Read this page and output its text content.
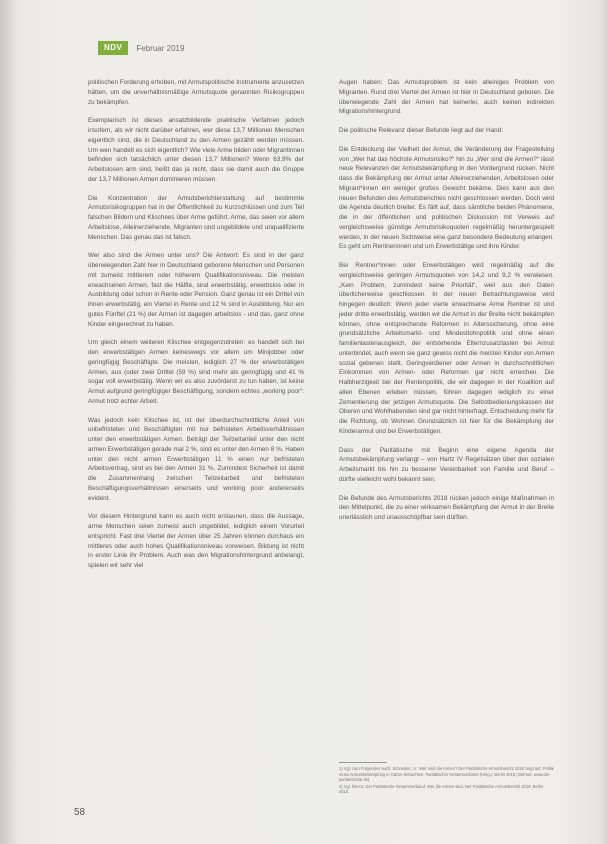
NDV	Februar 2019

politischen Forderung erhoben, mit Armutspolitische Instrumente anzusetzen hätten, um die unverhältnismäßige Armutsquote genannten Risikogruppen zu bekämpfen.

Exemplarisch ist dieses ansatzbildende praktische Verfahren jedoch insofern, als wir nicht darüber erfahren, wer diese 13,7 Millionen Menschen eigentlich sind, die in Deutschland zu den Armen gezählt werden müssen. Um wen handelt es sich eigentlich? Wie viele Arme bilden oder Migrantinnen befinden sich tatsächlich unter diesen 13,7 Millionen? Wenn 63,9% der Arbeitslosen arm sind, heißt das ja nicht, dass sie damit auch die Gruppe der 13,7 Millionen Armen dominieren müssen.

Die Konzentration der Armutsberichterstattung auf bestimmte Armutsrisikogruppen hat in der Öffentlichkeit zu Kurzschlüssen und zum Teil falschen Bildern und Klischees über Arme geführt. Arme, das seien vor allem Arbeitslose, Alleinerziehende, Migranten und ungebildete und unqualifizierte Menschen. Das genau das ist falsch.

Wer also sind die Armen unter uns? Die Antwort: Es sind in der ganz überwiegenden Zahl hier in Deutschland geborene Menschen und Personen mit zumeist mittlerem oder höherem Qualifikationsniveau. Die meisten erwachsenen Armen, fast die Hälfte, sind erwerbstätig, erwerbslos oder in Ausbildung oder schon in Rente oder Pension. Ganz genau ist ein Drittel von ihnen erwerbstätig, ein Viertel in Rente und 12 % sind in Ausbildung. Nur ein gutes Fünftel (21 %) der Armen ist dagegen arbeitslos - und das, ganz ohne Kinder eingerechnet zu haben.

Um gleich einem weiteren Klischee entgegenzutreten: es handelt sich bei den erwerbstätigen Armen keineswegs vor allem um Minijobber oder geringfügig Beschäftigte. Die meisten, lediglich 27 % der erwerbstätigen Armen, aus (oder zwei Drittel (59 %) sind mehr als geringfügig und 41 % sogar voll erwerbstätig. Wenn wir es also zuvörderst zu tun haben, ist keine Armut aufgrund geringfügiger Beschäftigung, sondern echtes „working poor“: Armut trotz echter Arbeit.

Was jedoch kein Klischee ist, ist der überdurchschnittliche Anteil von unbefristeten und Beschäftigten mit nur befristeten Arbeitsverhältnissen unter den erwerbstätigen Armen. Beträgt der Teilzeitanteil unter den nicht armen Erwerbstätigen gerade mal 2 %, sind es unter den Armen 8 %. Haben unter den nicht armen Erwerbstätigen 11 % einen nur befristeten Arbeitsvertrag, sind es bei den Armen 31 %. Zumindest Sicherheit ist damit die Zusammenhang zwischen Teilzeitarbeit und befristeten Beschäftigungsverhältnissen einerseits und working poor andererseits evident.

Vor diesem Hintergrund kann es auch nicht erstaunen, dass die Aussage, arme Menschen seien zumeist auch ungebildet, lediglich einem Vorurteil entspricht. Fast drei Viertel der Armen über 25 Jahren können durchaus ein mittleres oder auch hohes Qualifikationsniveau vorweisen. Bildung ist nicht in erster Linie ihr Problem. Auch was den Migrationshintergrund anbelangt, spielen wir sehr viel

Augen haben: Das Armutsproblem ist kein alleiniges Problem von Migranten. Rund drei Viertel der Armen ist hier in Deutschland geboren. Die überwiegende Zahl der Armen hat keinerlei, auch keinen indirekten Migrationshintergrund.

Die politische Relevanz dieser Befunde liegt auf der Hand:

Die Entdeckung der Vielheit der Armut, die Veränderung der Fragestellung von „Wer hat das höchste Armutsrisiko?“ hin zu „Wer sind die Armen?“ lässt neue Relevanzen der Armutsbekämpfung in den Vordergrund rücken. Nicht dass die Bekämpfung der Armut unter Alleinerziehenden, Arbeitslosen oder Migrant*innen ein weniger großes Gewicht bekäme. Dies kann aus den neuen Befunden des Armutsberichtes nicht geschlossen werden. Doch wird die Agenda deutlich breiter. Es fällt auf, dass sämtliche beiden Phänomene, die in der öffentlichen und politischen Diskussion mit Verweis auf vergleichsweise günstige Armutsrisikoquoten regelmäßig heruntergespielt werden, in der neuen Sichtweise eine ganz besondere Bedeutung erlangen. Es geht um Rentnerinnen und um Erwerbstätige und ihre Kinder.

Bei Rentner*innen oder Erwerbstätigen wird regelmäßig auf die vergleichsweise geringen Armutsquoten von 14,2 und 9,2 % verwiesen. „Kein Problem, zumindest keine Priorität“, weil aus den Daten überlicherweise geschlossen. In der neuen Betrachtungsweise wird hingegen deutlich: Wenn jeder vierte erwachsene Arme Rentner ist und jeder dritte erwerbstätig, werden wir die Armut in der Breite nicht bekämpfen können, ohne entsprechende Reformen in Alterssicherung, ohne eine grundsätzliche Arbeitsmarkt- und Mindestlohnpolitik und ohne einen familienlastenausgleich, der entstehende Elternzusatzlasten bei Armut unterbindet, auch wenn sie ganz gewiss nicht die meisten Kinder von Armen sozial gebenen stellt. Geringverdiener oder Armen in durchschnittlichen Einkommen von Armen- oder Reformen gar nicht erreichen. Die Halbherzigkeit bei der Rentenpolitik, die wir dagegen in der Koalition auf allen Ebenen erleben müssen, führen dagegen lediglich zu einer Zementierung der jetzigen Armutsquote. Die Selbstbedienungskassen der Oberen und Wohlhabenden sind gar nicht hinterfragt. Entscheidung mehr für die Richtung, ob Wohnen Grundsätzlich ist hier für die Bekämpfung der Kinderarmut und bei Erwerbstätigen.

Dass der Paritätische mit Beginn eine eigene Agenda der Armutsbekämpfung verlangt – von Hartz IV Regelsätzen über den sozialen Arbeitsmarkt bis hin zu besserer Vereinbarkeit von Familie und Beruf – dürfte vielleicht wohl bekannt sein.

Die Befunde des Armutsberichts 2018 rücken jedoch einige Maßnahmen in den Mittelpunkt, die zu einer wirksamen Bekämpfung der Armut in der Breite unerlässlich und unausschöpfbar sein dürften.

1) Vgl. zum Folgenden auch: Schneider, U.: Wer sind die Armen? Der Paritätische Armutsbericht 2018 zeigt auf, Politik muss Armutsbekämpfung in Gänze betrachten. Paritätischer Gesamtverband (Hrsg.): Berlin 2018 (Internet: www.der-paritaetische.de).

2) Vgl. hierzu: Der Paritätische Gesamtverband: Wer die Armen sind. Der Paritätische Armutsbericht 2018. Berlin 2018.

58
